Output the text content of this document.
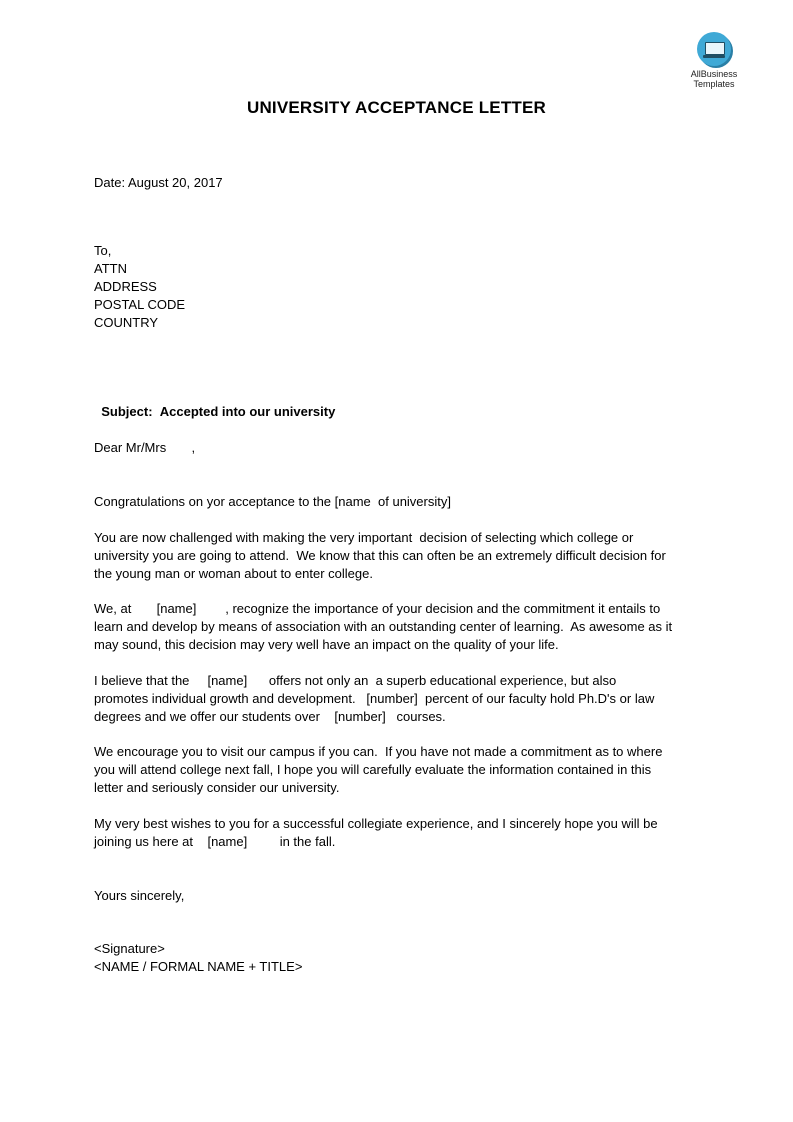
AllBusiness
Templates
UNIVERSITY ACCEPTANCE LETTER
Date: August 20, 2017
To,
ATTN
ADDRESS
POSTAL CODE
COUNTRY

Subject: Accepted into our university

Dear Mr/Mrs       ,
Congratulations on yor acceptance to the [name  of university]
You are now challenged with making the very important  decision of selecting which college or
university you are going to attend.  We know that this can often be an extremely difficult decision for
the young man or woman about to enter college.
We, at       [name]        , recognize the importance of your decision and the commitment it entails to
learn and develop by means of association with an outstanding center of learning.  As awesome as it
may sound, this decision may very well have an impact on the quality of your life.
I believe that the     [name]      offers not only an  a superb educational experience, but also
promotes individual growth and development.   [number]  percent of our faculty hold Ph.D's or law
degrees and we offer our students over    [number]   courses.
We encourage you to visit our campus if you can.  If you have not made a commitment as to where
you will attend college next fall, I hope you will carefully evaluate the information contained in this
letter and seriously consider our university.
My very best wishes to you for a successful collegiate experience, and I sincerely hope you will be
joining us here at    [name]         in the fall.
Yours sincerely,
<Signature>
<NAME / FORMAL NAME + TITLE>
